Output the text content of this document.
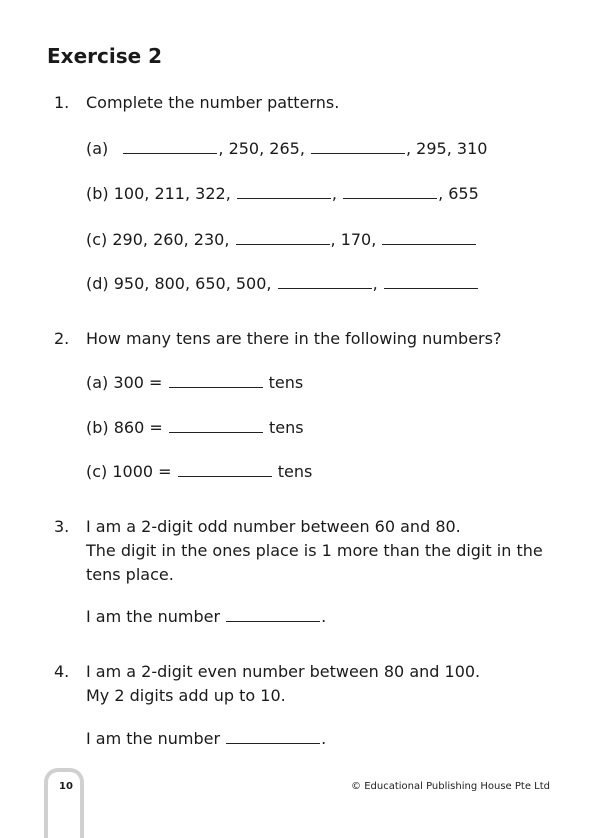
Exercise 2
1. Complete the number patterns.
(a)	, 250, 265,	, 295, 310
(b) 100, 211, 322,	,	, 655
(c) 290, 260, 230,	, 170,
(d) 950, 800, 650, 500,	,
2. How many tens are there in the following numbers?
(a) 300 =	tens
(b) 860 =	tens
(c) 1000 =	tens
3. I am a 2-digit odd number between 60 and 80.
The digit in the ones place is 1 more than the digit in the
tens place.
I am the number	.
4. I am a 2-digit even number between 80 and 100.
My 2 digits add up to 10.
I am the number	.
10	© Educational Publishing House Pte Ltd
